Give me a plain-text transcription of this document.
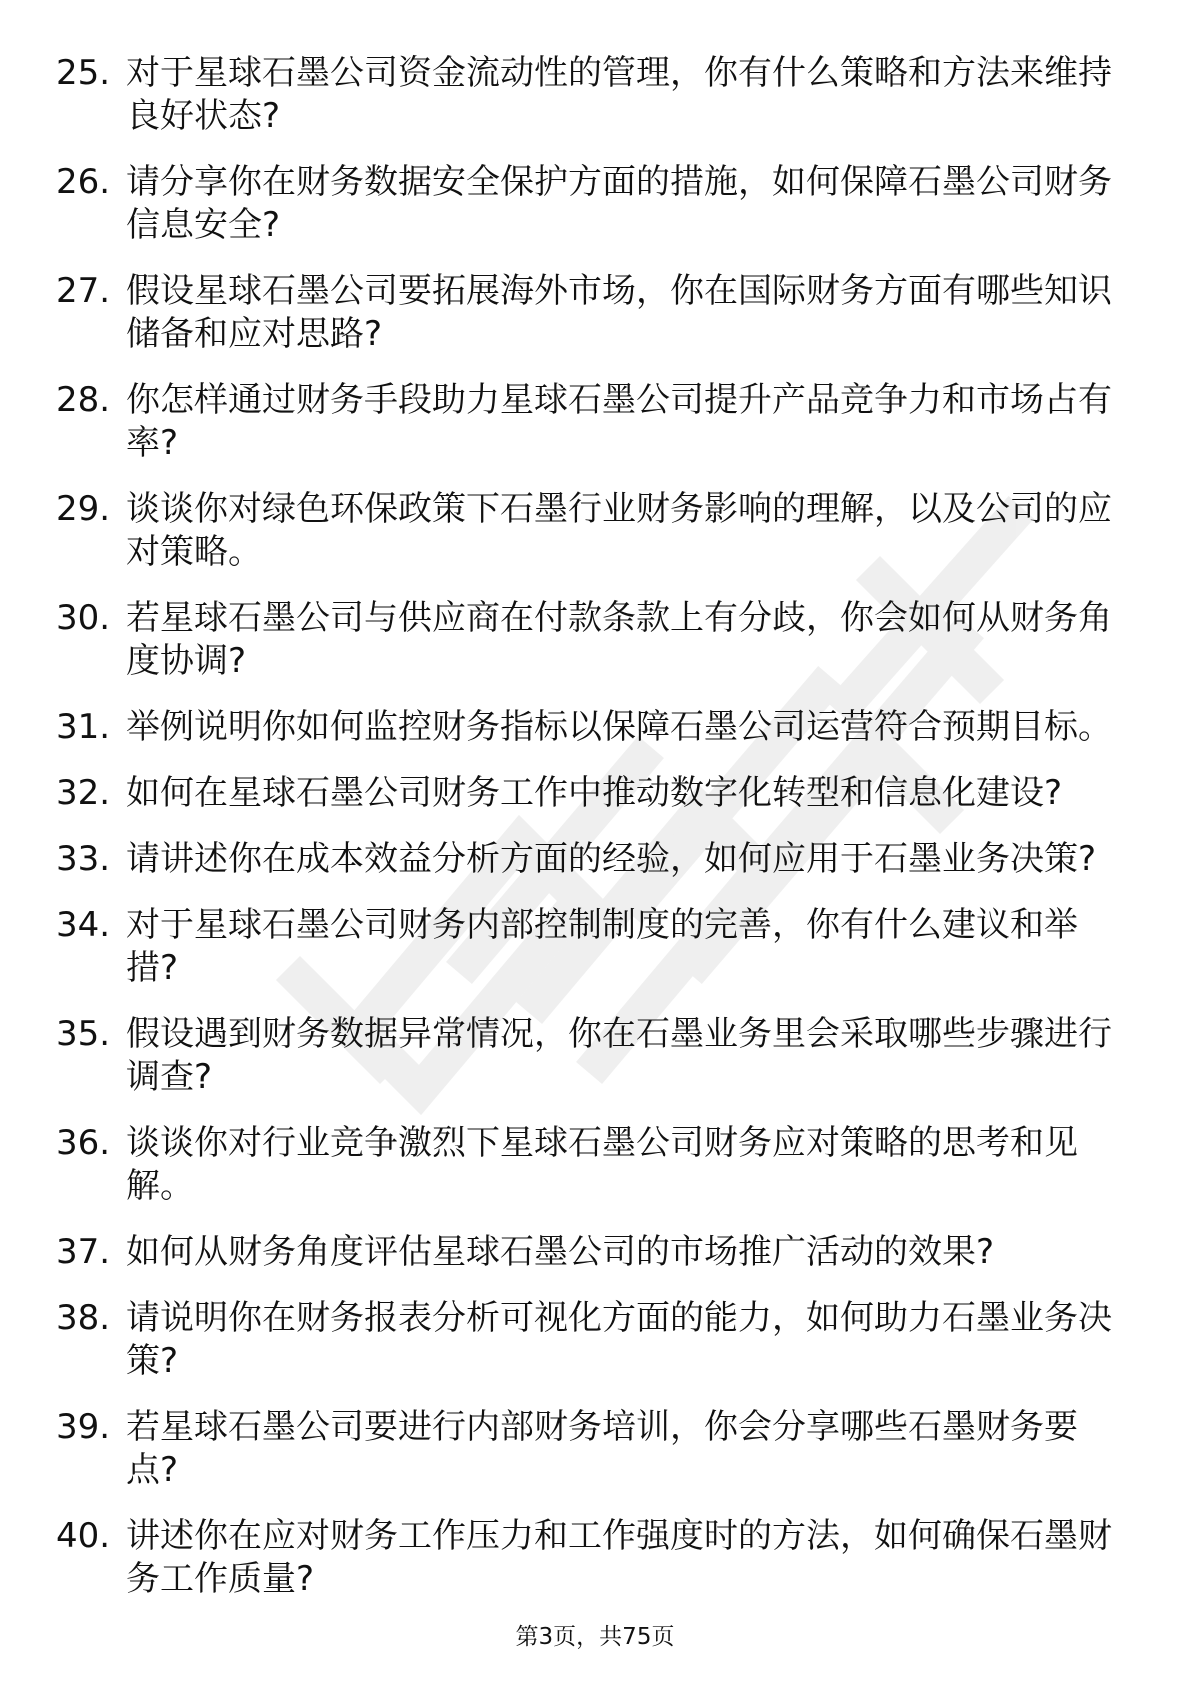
25. 对于星球石墨公司资金流动性的管理，你有什么策略和方法来维持良好状态?
26. 请分享你在财务数据安全保护方面的措施，如何保障石墨公司财务信息安全?
27. 假设星球石墨公司要拓展海外市场，你在国际财务方面有哪些知识储备和应对思路?
28. 你怎样通过财务手段助力星球石墨公司提升产品竞争力和市场占有率?
29. 谈谈你对绿色环保政策下石墨行业财务影响的理解，以及公司的应对策略。
30. 若星球石墨公司与供应商在付款条款上有分歧，你会如何从财务角度协调?
31. 举例说明你如何监控财务指标以保障石墨公司运营符合预期目标。
32. 如何在星球石墨公司财务工作中推动数字化转型和信息化建设?
33. 请讲述你在成本效益分析方面的经验，如何应用于石墨业务决策?
34. 对于星球石墨公司财务内部控制制度的完善，你有什么建议和举措?
35. 假设遇到财务数据异常情况，你在石墨业务里会采取哪些步骤进行调查?
36. 谈谈你对行业竞争激烈下星球石墨公司财务应对策略的思考和见解。
37. 如何从财务角度评估星球石墨公司的市场推广活动的效果?
38. 请说明你在财务报表分析可视化方面的能力，如何助力石墨业务决策?
39. 若星球石墨公司要进行内部财务培训，你会分享哪些石墨财务要点?
40. 讲述你在应对财务工作压力和工作强度时的方法，如何确保石墨财务工作质量?
第3页，共75页
